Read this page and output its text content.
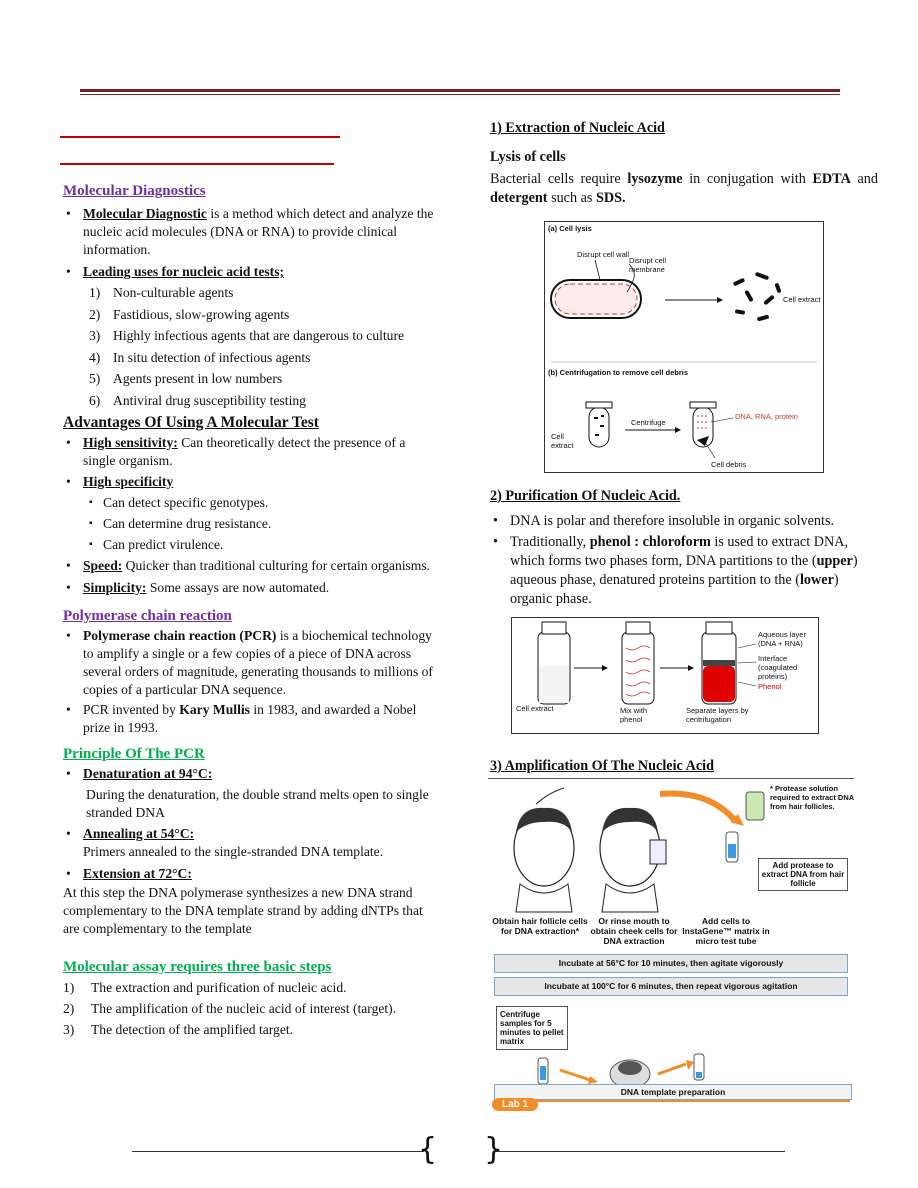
Molecular Diagnostics
• Molecular Diagnostic is a method which detect and analyze the nucleic acid molecules (DNA or RNA) to provide clinical information.
• Leading uses for nucleic acid tests;
1) Non-culturable agents
2) Fastidious, slow-growing agents
3) Highly infectious agents that are dangerous to culture
4) In situ detection of infectious agents
5) Agents present in low numbers
6) Antiviral drug susceptibility testing
Advantages Of Using A Molecular Test
• High sensitivity: Can theoretically detect the presence of a single organism.
• High specificity
▪ Can detect specific genotypes.
▪ Can determine drug resistance.
▪ Can predict virulence.
• Speed: Quicker than traditional culturing for certain organisms.
• Simplicity: Some assays are now automated.
Polymerase chain reaction
• Polymerase chain reaction (PCR) is a biochemical technology to amplify a single or a few copies of a piece of DNA across several orders of magnitude, generating thousands to millions of copies of a particular DNA sequence.
• PCR invented by Kary Mullis in 1983, and awarded a Nobel prize in 1993.
Principle Of The PCR
• Denaturation at 94°C:
During the denaturation, the double strand melts open to single stranded DNA
• Annealing at 54°C:
Primers annealed to the single-stranded DNA template.
• Extension at 72°C:
At this step the DNA polymerase synthesizes a new DNA strand complementary to the DNA template strand by adding dNTPs that are complementary to the template
Molecular assay requires three basic steps
1) The extraction and purification of nucleic acid.
2) The amplification of the nucleic acid of interest (target).
3) The detection of the amplified target.
1) Extraction of Nucleic Acid
Lysis of cells
Bacterial cells require lysozyme in conjugation with EDTA and detergent such as SDS.
(a) Cell lysis
Disrupt cell wall
Disrupt cell membrane
Cell extract
(b) Centrifugation to remove cell debris
Cell extract
Centrifuge
DNA, RNA, protein
Cell debris
2) Purification Of Nucleic Acid.
• DNA is polar and therefore insoluble in organic solvents.
• Traditionally, phenol : chloroform is used to extract DNA, which forms two phases form, DNA partitions to the (upper) aqueous phase, denatured proteins partition to the (lower) organic phase.
Cell extract	Mix with phenol
Separate layers by centrifugation
Aqueous layer (DNA + RNA)
Interface (coagulated proteins)
Phenol
3) Amplification Of The Nucleic Acid
* Protease solution required to extract DNA from hair follicles.
Add protease to extract DNA from hair follicle
Obtain hair follicle cells for DNA extraction*
Or rinse mouth to obtain cheek cells for DNA extraction
Add cells to InstaGene™ matrix in micro test tube
Incubate at 56°C for 10 minutes, then agitate vigorously
Incubate at 100°C for 6 minutes, then repeat vigorous agitation
Centrifuge samples for 5 minutes to pellet matrix
DNA template preparation
Lab 1
{ }
